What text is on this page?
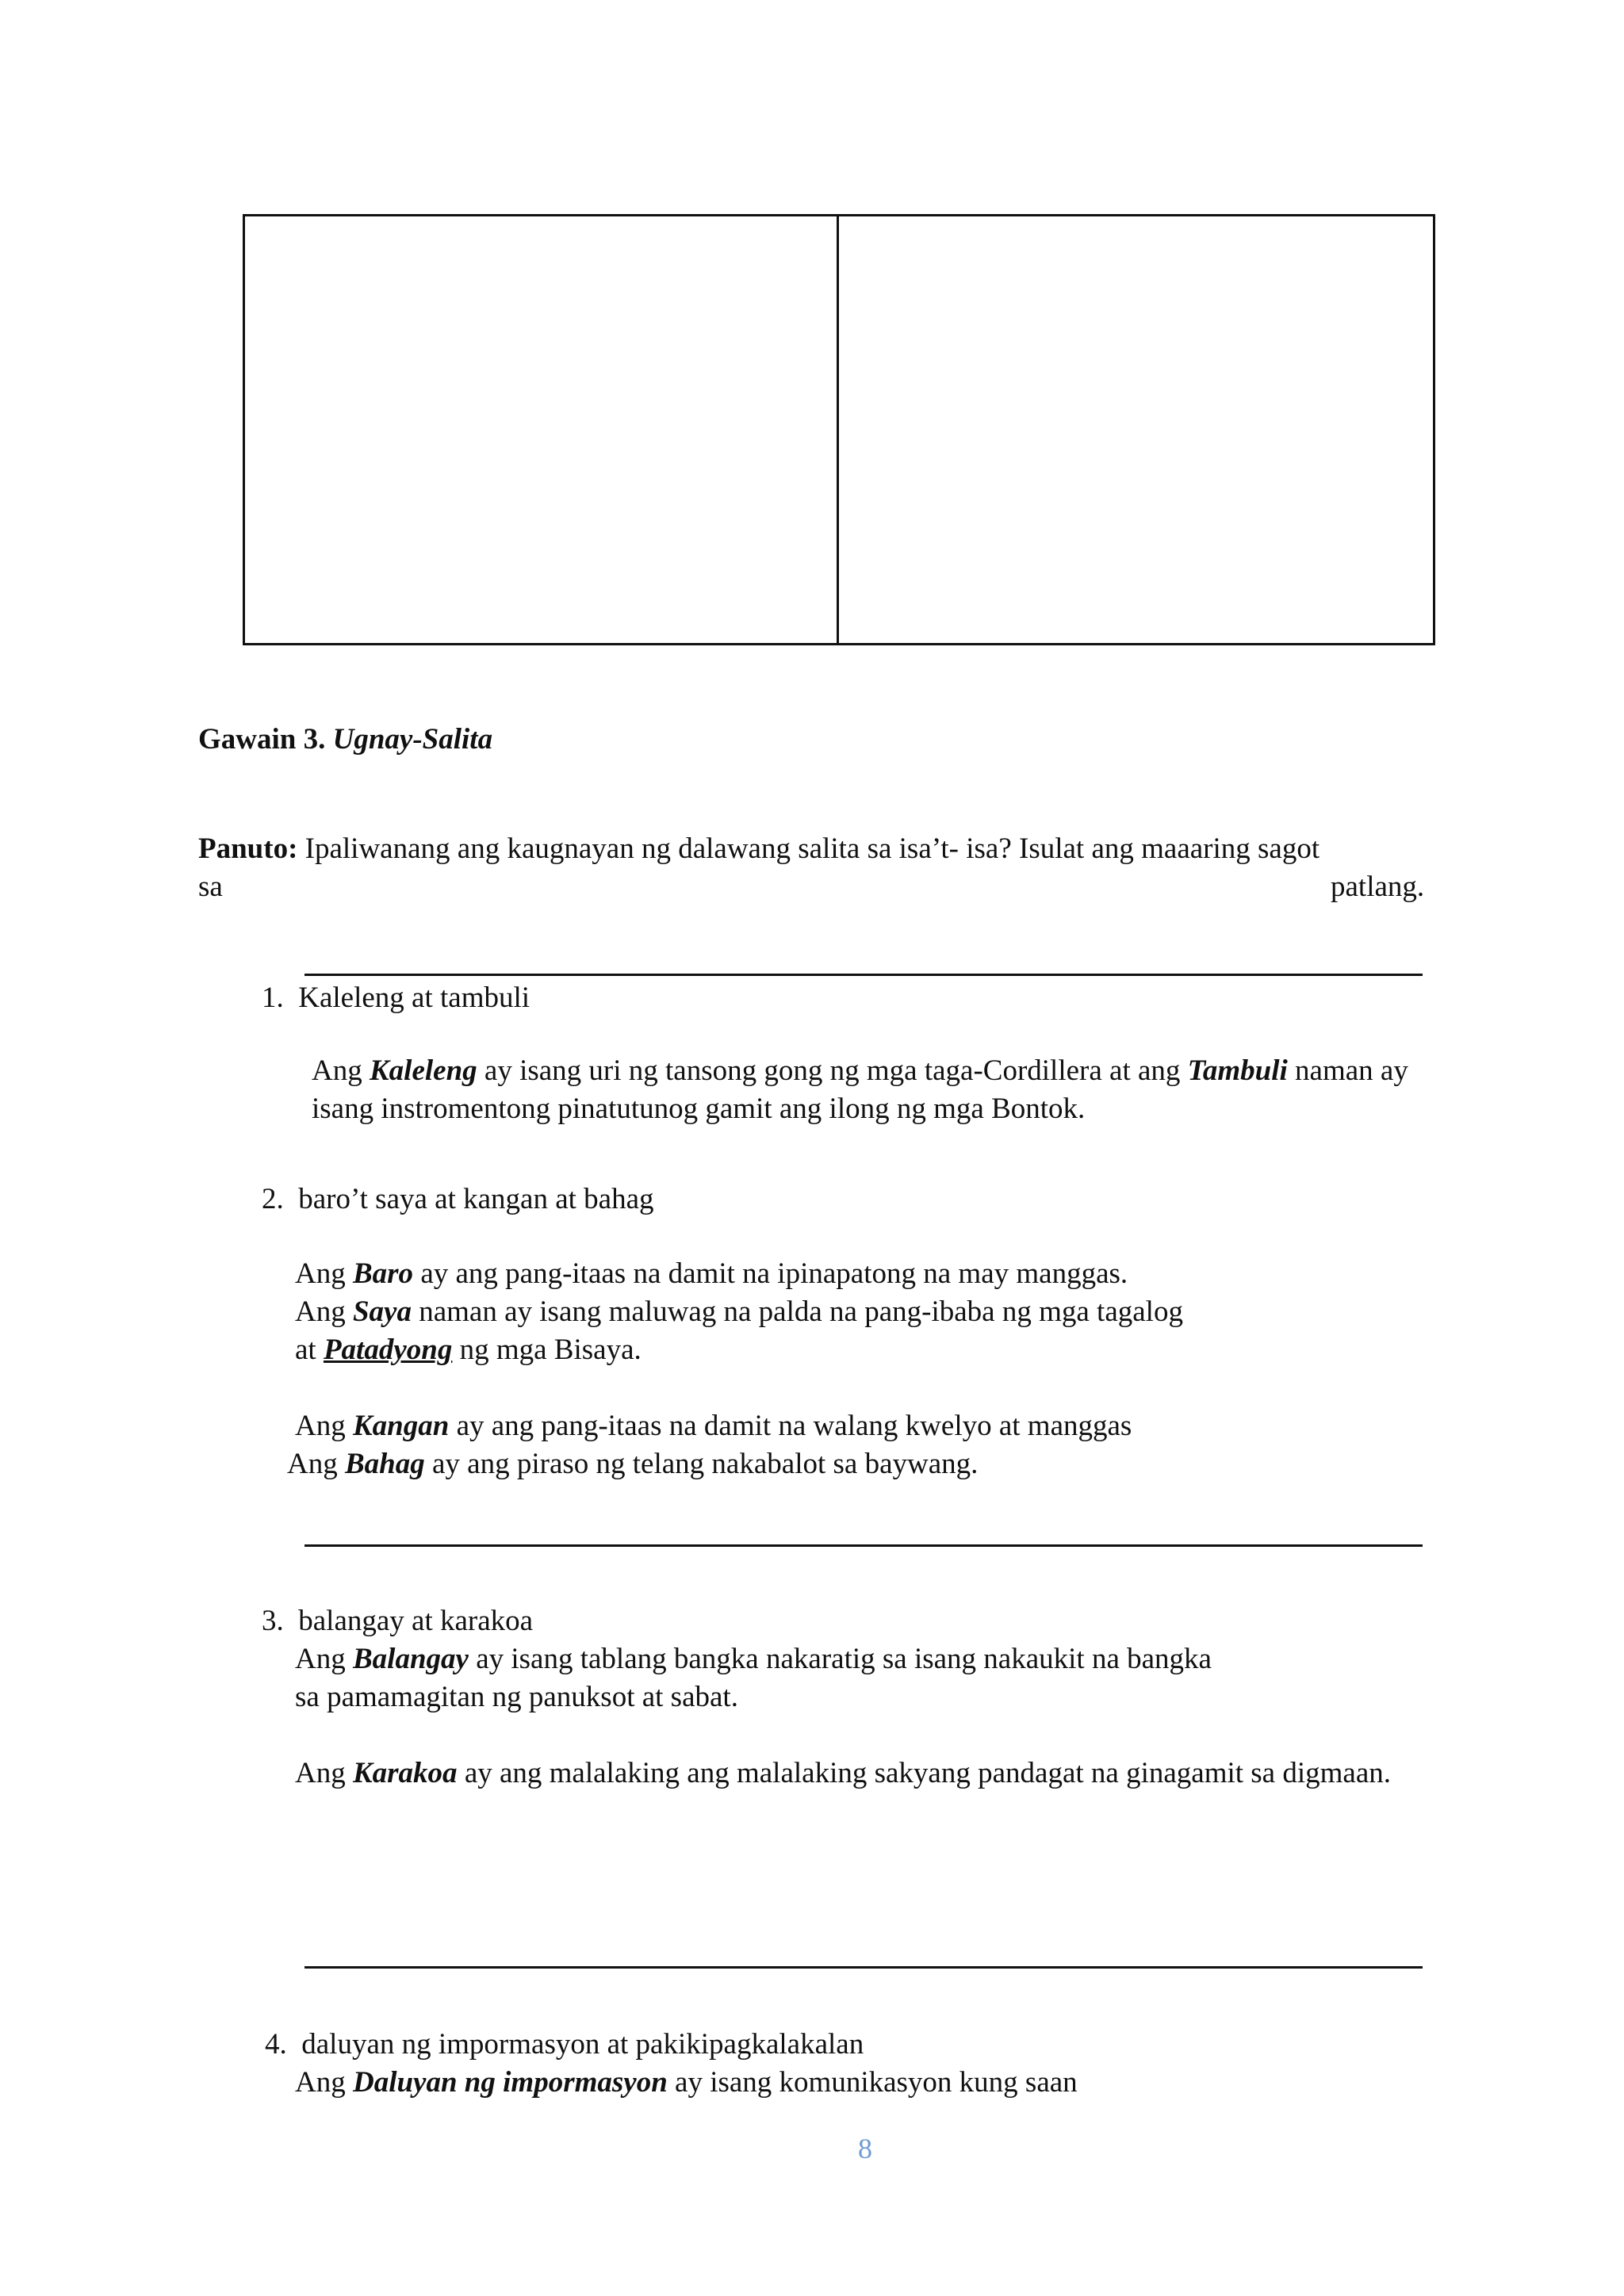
Gawain 3. Ugnay-Salita
Panuto: Ipaliwanang ang kaugnayan ng dalawang salita sa isa’t- isa? Isulat ang maaaring sagot
sa	patlang.
1. Kaleleng at tambuli
Ang Kaleleng ay isang uri ng tansong gong ng mga taga-Cordillera at ang Tambuli naman ay
isang instromentong pinatutunog gamit ang ilong ng mga Bontok.
2. baro’t saya at kangan at bahag
Ang Baro ay ang pang-itaas na damit na ipinapatong na may manggas.
Ang Saya naman ay isang maluwag na palda na pang-ibaba ng mga tagalog
at Patadyong ng mga Bisaya.
Ang Kangan ay ang pang-itaas na damit na walang kwelyo at manggas
Ang Bahag ay ang piraso ng telang nakabalot sa baywang.
3. balangay at karakoa
Ang Balangay ay isang tablang bangka nakaratig sa isang nakaukit na bangka
sa pamamagitan ng panuksot at sabat.
Ang Karakoa ay ang malalaking ang malalaking sakyang pandagat na ginagamit sa digmaan.
4. daluyan ng impormasyon at pakikipagkalakalan
Ang Daluyan ng impormasyon ay isang komunikasyon kung saan
8
